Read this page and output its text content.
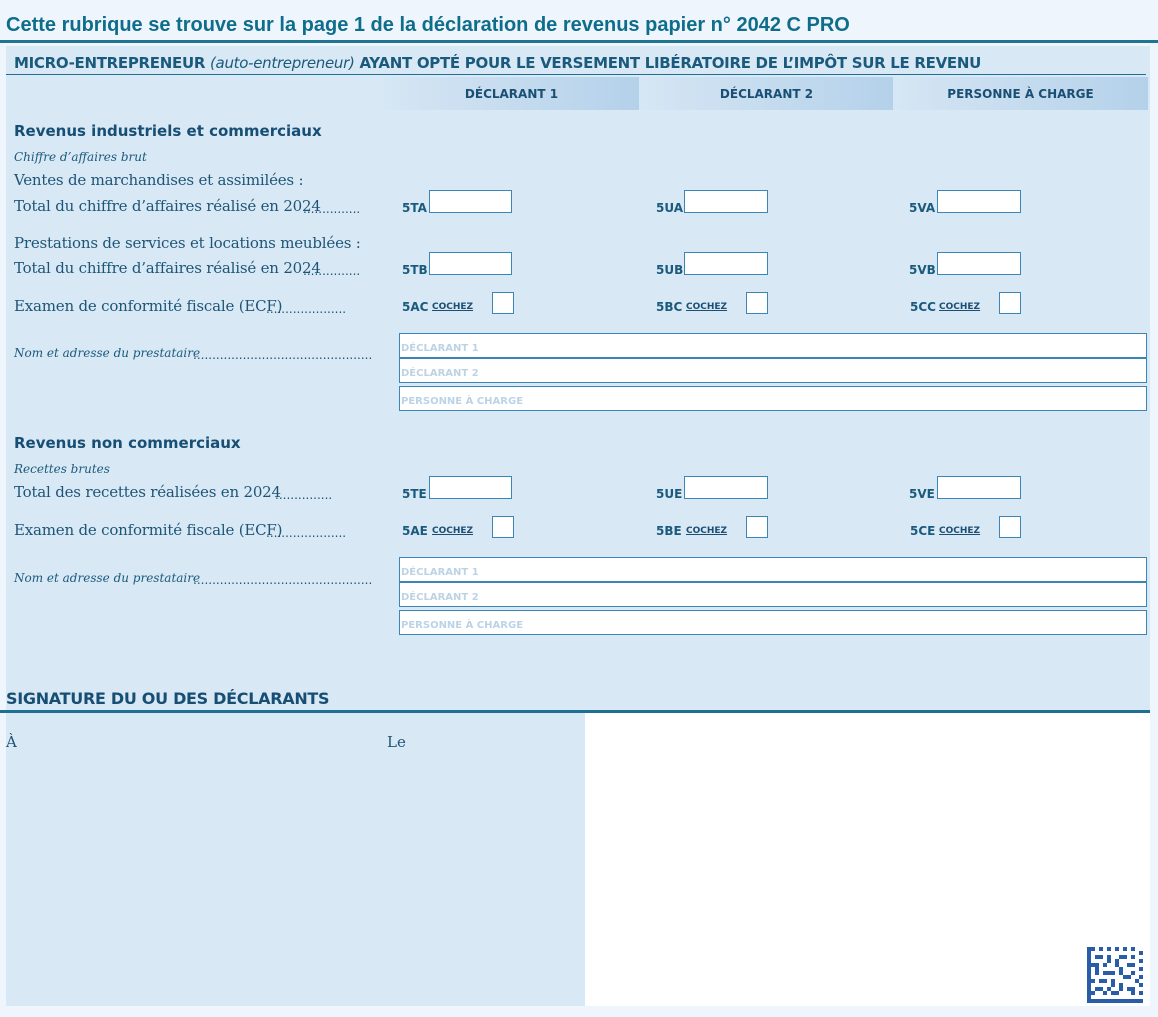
Cette rubrique se trouve sur la page 1 de la déclaration de revenus papier n° 2042 C PRO
MICRO-ENTREPRENEUR (auto-entrepreneur) AYANT OPTÉ POUR LE VERSEMENT LIBÉRATOIRE DE L’IMPÔT SUR LE REVENU
DÉCLARANT 1	DÉCLARANT 2	PERSONNE À CHARGE
Revenus industriels et commerciaux
Chiffre d’affaires brut
Ventes de marchandises et assimilées :
Total du chiffre d’affaires réalisé en 2024
...............	5TA	5UA	5VA
Prestations de services et locations meublées :
Total du chiffre d’affaires réalisé en 2024
...............	5TB	5UB	5VB
Examen de conformité fiscale (ECF)
.....................	5AC COCHEZ	5BC COCHEZ	5CC COCHEZ
Nom et adresse du prestataire
...............................................	DÉCLARANT 1
DÉCLARANT 2
PERSONNE À CHARGE
Revenus non commerciaux
Recettes brutes
Total des recettes réalisées en 2024
...............	5TE	5UE	5VE
Examen de conformité fiscale (ECF)
.....................	5AE COCHEZ	5BE COCHEZ	5CE COCHEZ
Nom et adresse du prestataire
...............................................
DÉCLARANT 1
DÉCLARANT 2
PERSONNE À CHARGE
SIGNATURE DU OU DES DÉCLARANTS
À	Le
